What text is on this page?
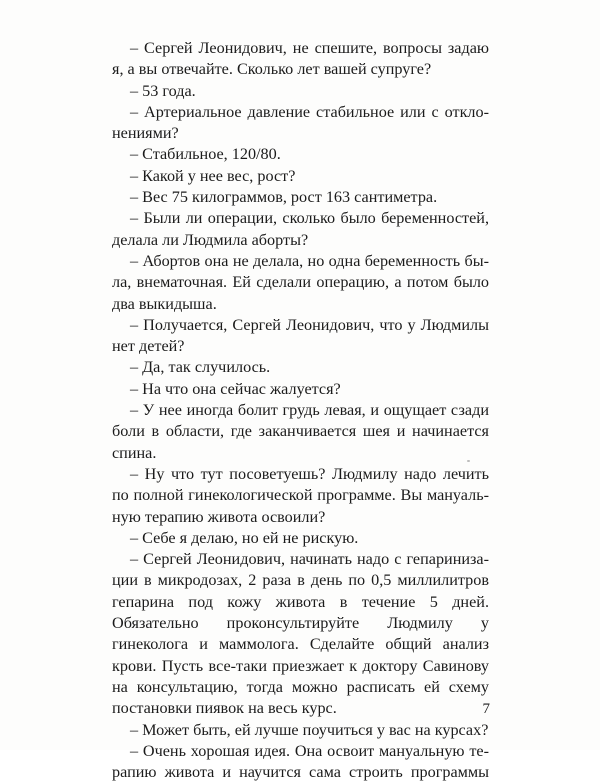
– Сергей Леонидович, не спешите, вопросы задаю я, а вы отвечайте. Сколько лет вашей супруге?

– 53 года.

– Артериальное давление стабильное или с отклонениями?

– Стабильное, 120/80.

– Какой у нее вес, рост?

– Вес 75 килограммов, рост 163 сантиметра.

– Были ли операции, сколько было беременностей, делала ли Людмила аборты?

– Абортов она не делала, но одна беременность была, внематочная. Ей сделали операцию, а потом было два выкидыша.

– Получается, Сергей Леонидович, что у Людмилы нет детей?

– Да, так случилось.

– На что она сейчас жалуется?

– У нее иногда болит грудь левая, и ощущает сзади боли в области, где заканчивается шея и начинается спина.

– Ну что тут посоветуешь? Людмилу надо лечить по полной гинекологической программе. Вы мануальную терапию живота освоили?

– Себе я делаю, но ей не рискую.

– Сергей Леонидович, начинать надо с гепаринизaции в микродозах, 2 раза в день по 0,5 миллилитров гепарина под кожу живота в течение 5 дней. Обязательно проконсультируйте Людмилу у гинеколога и маммолога. Сделайте общий анализ крови. Пусть все-таки приезжает к доктору Савинову на консультацию, тогда можно расписать ей схему постановки пиявок на весь курс.

– Может быть, ей лучше поучиться у вас на курсах?

– Очень хорошая идея. Она освоит мануальную терапию живота и научится сама строить программы

7
